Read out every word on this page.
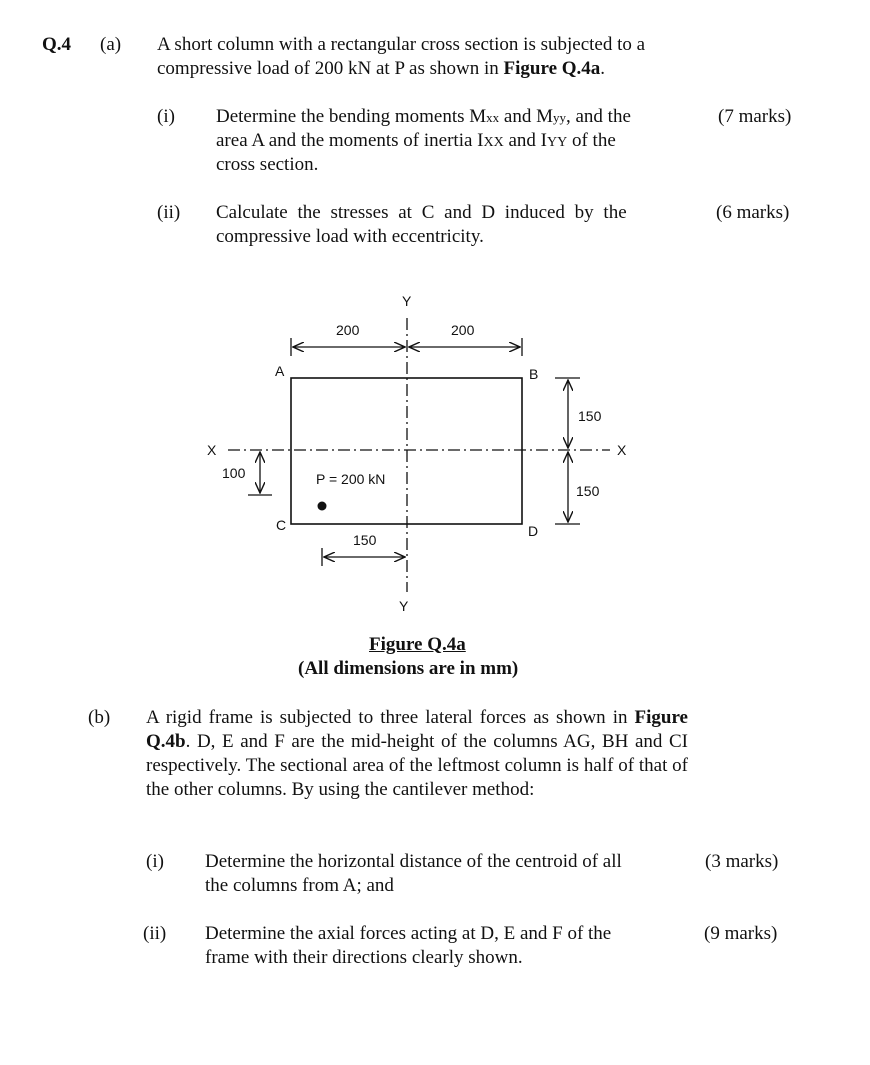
Q.4 (a) A short column with a rectangular cross section is subjected to a
compressive load of 200 kN at P as shown in Figure Q.4a.
(i) Determine the bending moments Mxx and Myy, and the	(7 marks)
area A and the moments of inertia IXX and IYY of the
cross section.
(ii) Calculate the stresses at C and D induced by the	(6 marks)
compressive load with eccentricity.
Y
Y
X	X
A	B
C	D
200	200
150
150
100
150
P = 200 kN
Figure Q.4a
(All dimensions are in mm)
(b) A rigid frame is subjected to three lateral forces as shown in Figure Q.4b. D, E and F are the mid-height of the columns AG, BH and CI respectively. The sectional area of the leftmost column is half of that of the other columns. By using the cantilever method:
(i) Determine the horizontal distance of the centroid of all	(3 marks)
the columns from A; and
(ii) Determine the axial forces acting at D, E and F of the	(9 marks)
frame with their directions clearly shown.
